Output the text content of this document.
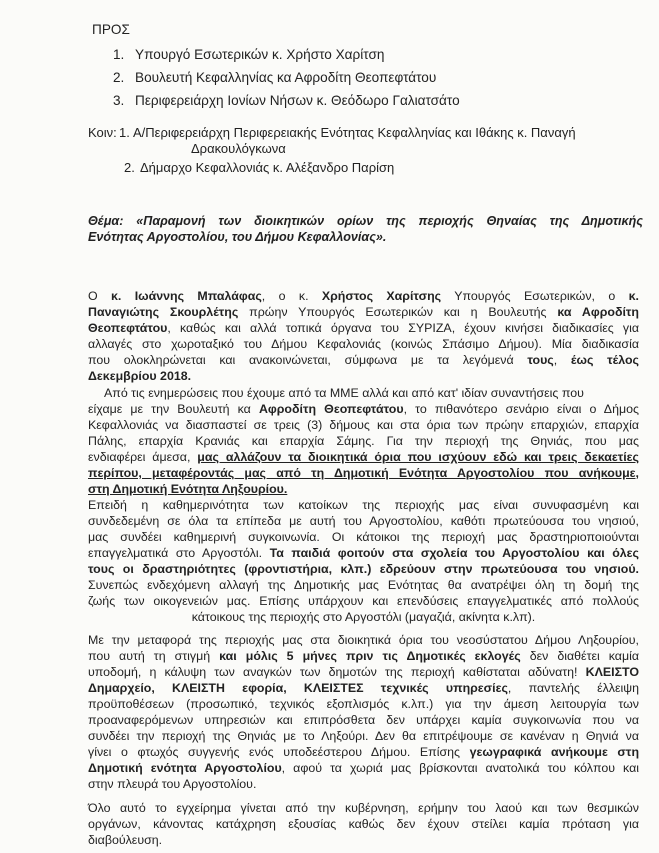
ΠΡΟΣ
1. Υπουργό Εσωτερικών κ. Χρήστο Χαρίτση
2. Βουλευτή Κεφαλληνίας κα Αφροδίτη Θεοπεφτάτου
3. Περιφερειάρχη Ιονίων Νήσων κ. Θεόδωρο Γαλιατσάτο
Κοιν: 1. Α/Περιφερειάρχη Περιφερειακής Ενότητας Κεφαλληνίας και Ιθάκης κ. Παναγή
Δρακουλόγκωνα
2. Δήμαρχο Κεφαλλονιάς κ. Αλέξανδρο Παρίση
Θέμα: «Παραμονή των διοικητικών ορίων της περιοχής Θηναίας της Δημοτικής
Ενότητας Αργοστολίου, του Δήμου Κεφαλλονίας».
Ο κ. Ιωάννης Μπαλάφας, ο κ. Χρήστος Χαρίτσης Υπουργός Εσωτερικών, ο κ.
Παναγιώτης Σκουρλέτης πρώην Υπουργός Εσωτερικών και η Βουλευτής κα Αφροδίτη
Θεοπεφτάτου, καθώς και αλλά τοπικά όργανα του ΣΥΡΙΖΑ, έχουν κινήσει διαδικασίες για
αλλαγές στο χωροταξικό του Δήμου Κεφαλονιάς (κοινώς Σπάσιμο Δήμου). Μία διαδικασία
που ολοκληρώνεται και ανακοινώνεται, σύμφωνα με τα λεγόμενά τους, έως τέλος
Δεκεμβρίου 2018.
Από τις ενημερώσεις που έχουμε από τα ΜΜΕ αλλά και από κατ' ιδίαν συναντήσεις που
είχαμε με την Βουλευτή κα Αφροδίτη Θεοπεφτάτου, το πιθανότερο σενάριο είναι ο Δήμος
Κεφαλλονιάς να διασπαστεί σε τρεις (3) δήμους και στα όρια των πρώην επαρχιών, επαρχία
Πάλης, επαρχία Κρανιάς και επαρχία Σάμης. Για την περιοχή της Θηνιάς, που μας
ενδιαφέρει άμεσα, μας αλλάζουν τα διοικητικά όρια που ισχύουν εδώ και τρεις δεκαετίες
περίπου, μεταφέροντάς μας από τη Δημοτική Ενότητα Αργοστολίου που ανήκουμε,
στη Δημοτική Ενότητα Ληξουρίου.
Επειδή η καθημερινότητα των κατοίκων της περιοχής μας είναι συνυφασμένη και
συνδεδεμένη σε όλα τα επίπεδα με αυτή του Αργοστολίου, καθότι πρωτεύουσα του νησιού,
μας συνδέει καθημερινή συγκοινωνία. Οι κάτοικοι της περιοχή μας δραστηριοποιούνται
επαγγελματικά στο Αργοστόλι. Τα παιδιά φοιτούν στα σχολεία του Αργοστολίου και όλες
τους οι δραστηριότητες (φροντιστήρια, κλπ.) εδρεύουν στην πρωτεύουσα του νησιού.
Συνεπώς ενδεχόμενη αλλαγή της Δημοτικής μας Ενότητας θα ανατρέψει όλη τη δομή της
ζωής των οικογενειών μας. Επίσης υπάρχουν και επενδύσεις επαγγελματικές από πολλούς
κάτοικους της περιοχής στο Αργοστόλι (μαγαζιά, ακίνητα κ.λπ).
Με την μεταφορά της περιοχής μας στα διοικητικά όρια του νεοσύστατου Δήμου Ληξουρίου,
που αυτή τη στιγμή και μόλις 5 μήνες πριν τις Δημοτικές εκλογές δεν διαθέτει καμία
υποδομή, η κάλυψη των αναγκών των δημοτών της περιοχή καθίσταται αδύνατη! ΚΛΕΙΣΤΟ
Δημαρχείο, ΚΛΕΙΣΤΗ εφορία, ΚΛΕΙΣΤΕΣ τεχνικές υπηρεσίες, παντελής έλλειψη
προϋποθέσεων (προσωπικό, τεχνικός εξοπλισμός κ.λπ.) για την άμεση λειτουργία των
προαναφερόμενων υπηρεσιών και επιπρόσθετα δεν υπάρχει καμία συγκοινωνία που να
συνδέει την περιοχή της Θηνιάς με το Ληξούρι. Δεν θα επιτρέψουμε σε κανέναν η Θηνιά να
γίνει ο φτωχός συγγενής ενός υποδεέστερου Δήμου. Επίσης γεωγραφικά ανήκουμε στη
Δημοτική ενότητα Αργοστολίου, αφού τα χωριά μας βρίσκονται ανατολικά του κόλπου και
στην πλευρά του Αργοστολίου.
Όλο αυτό το εγχείρημα γίνεται από την κυβέρνηση, ερήμην του λαού και των θεσμικών
οργάνων, κάνοντας κατάχρηση εξουσίας καθώς δεν έχουν στείλει καμία πρόταση για
διαβούλευση.
